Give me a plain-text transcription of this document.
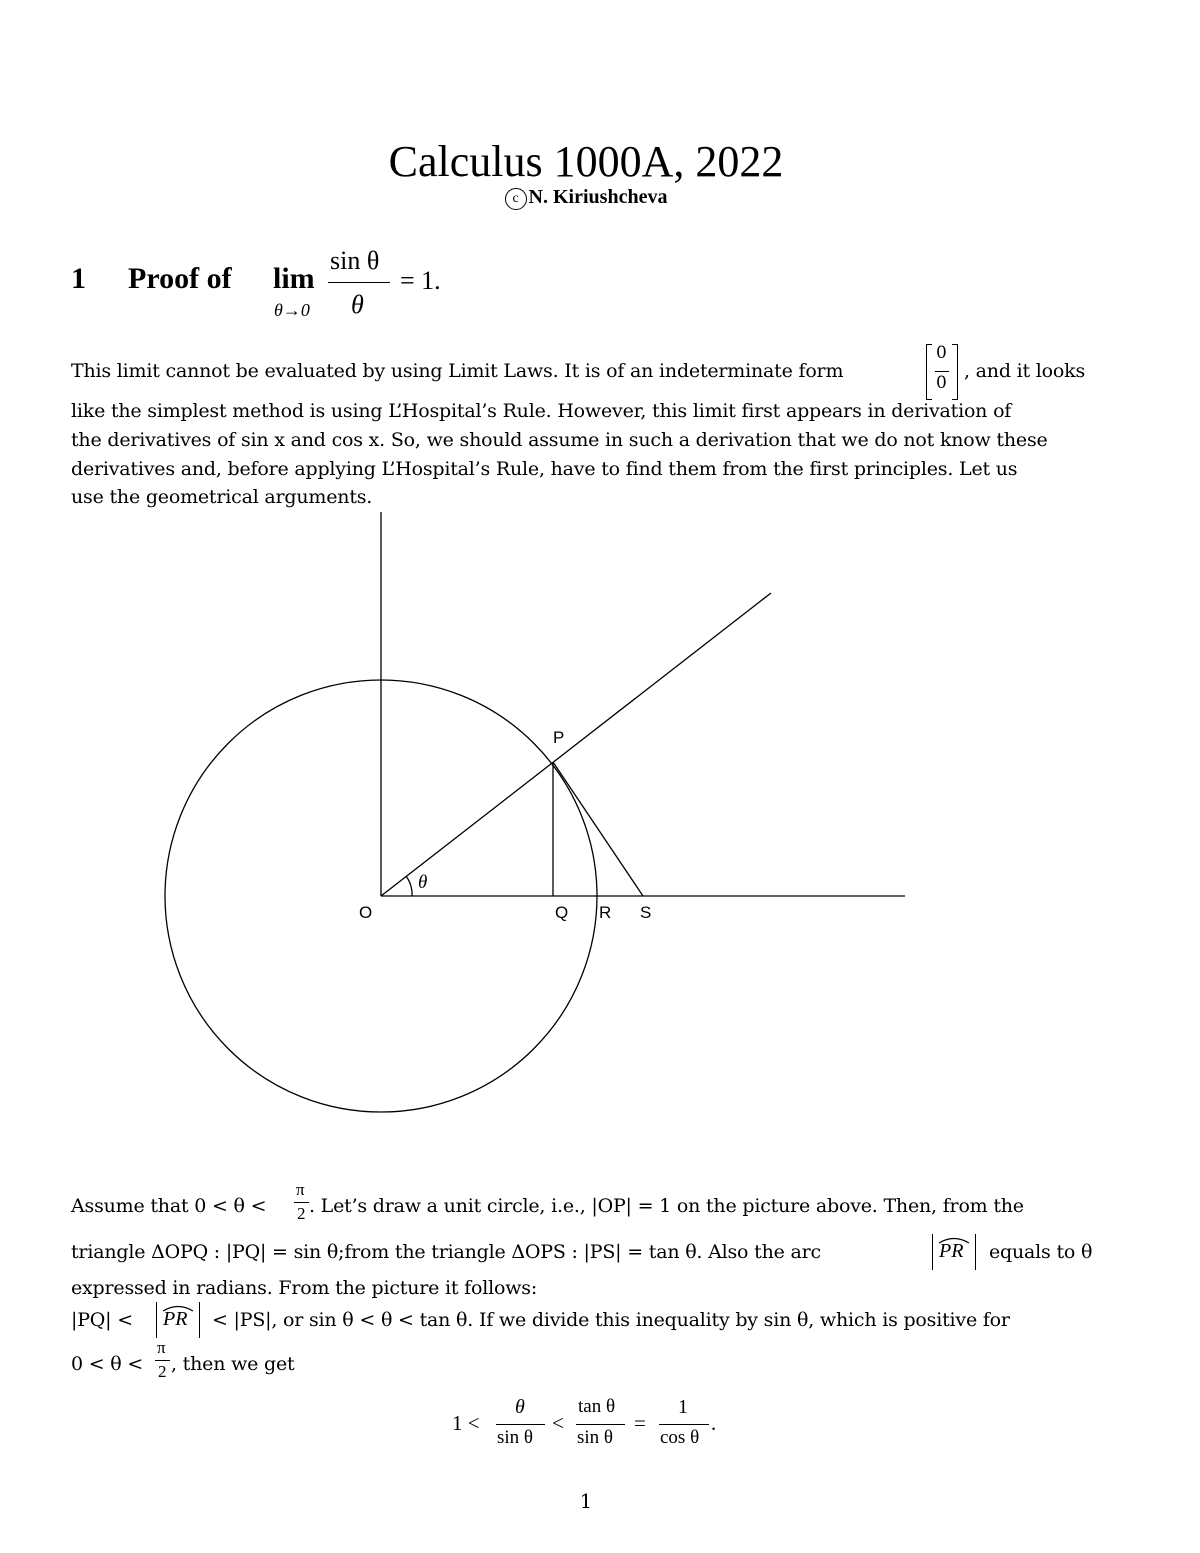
Calculus 1000A, 2022
c N. Kiriushcheva
1 Proof of lim
θ→0
sin θ
θ
= 1.
This limit cannot be evaluated by using Limit Laws. It is of an indeterminate form
0
0
, and it looks
like the simplest method is using L’Hospital’s Rule. However, this limit first appears in derivation of
the derivatives of sin x and cos x. So, we should assume in such a derivation that we do not know these
derivatives and, before applying L’Hospital’s Rule, have to find them from the first principles. Let us
use the geometrical arguments.
P
O	Q R S
θ
Assume that 0 < θ <
π
2 . Let’s draw a unit circle, i.e., |OP| = 1 on the picture above. Then, from the
triangle ΔOPQ : |PQ| = sin θ;from the triangle ΔOPS : |PS| = tan θ. Also the arc	PR equals to θ
expressed in radians. From the picture it follows:
|PQ| < PR < |PS|, or sin θ < θ < tan θ. If we divide this inequality by sin θ, which is positive for
0 < θ <
π
2 , then we get
1 <
θ
sin θ
<
tan θ
sin θ
=
1
cos θ
.
1
